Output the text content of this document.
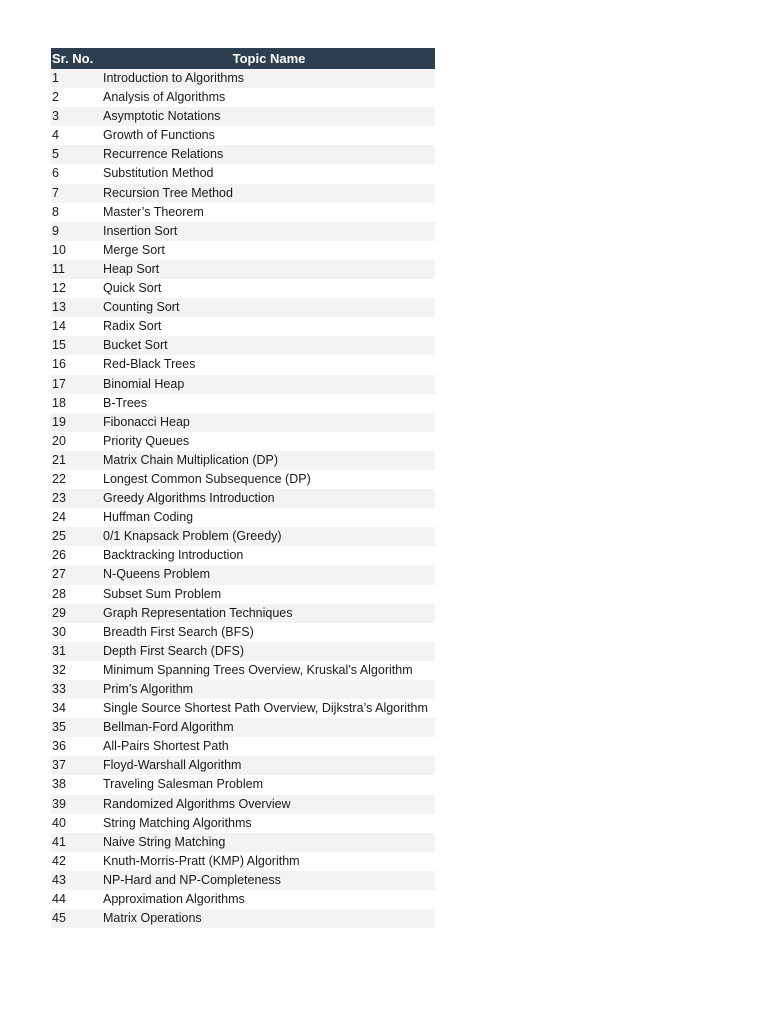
Sr. No.	Topic Name
1	Introduction to Algorithms
2	Analysis of Algorithms
3	Asymptotic Notations
4	Growth of Functions
5	Recurrence Relations
6	Substitution Method
7	Recursion Tree Method
8	Master’s Theorem
9	Insertion Sort
10	Merge Sort
11	Heap Sort
12	Quick Sort
13	Counting Sort
14	Radix Sort
15	Bucket Sort
16	Red-Black Trees
17	Binomial Heap
18	B-Trees
19	Fibonacci Heap
20	Priority Queues
21	Matrix Chain Multiplication (DP)
22	Longest Common Subsequence (DP)
23	Greedy Algorithms Introduction
24	Huffman Coding
25	0/1 Knapsack Problem (Greedy)
26	Backtracking Introduction
27	N-Queens Problem
28	Subset Sum Problem
29	Graph Representation Techniques
30	Breadth First Search (BFS)
31	Depth First Search (DFS)
32	Minimum Spanning Trees Overview, Kruskal’s Algorithm
33	Prim’s Algorithm
34	Single Source Shortest Path Overview, Dijkstra’s Algorithm
35	Bellman-Ford Algorithm
36	All-Pairs Shortest Path
37	Floyd-Warshall Algorithm
38	Traveling Salesman Problem
39	Randomized Algorithms Overview
40	String Matching Algorithms
41	Naive String Matching
42	Knuth-Morris-Pratt (KMP) Algorithm
43	NP-Hard and NP-Completeness
44	Approximation Algorithms
45	Matrix Operations
